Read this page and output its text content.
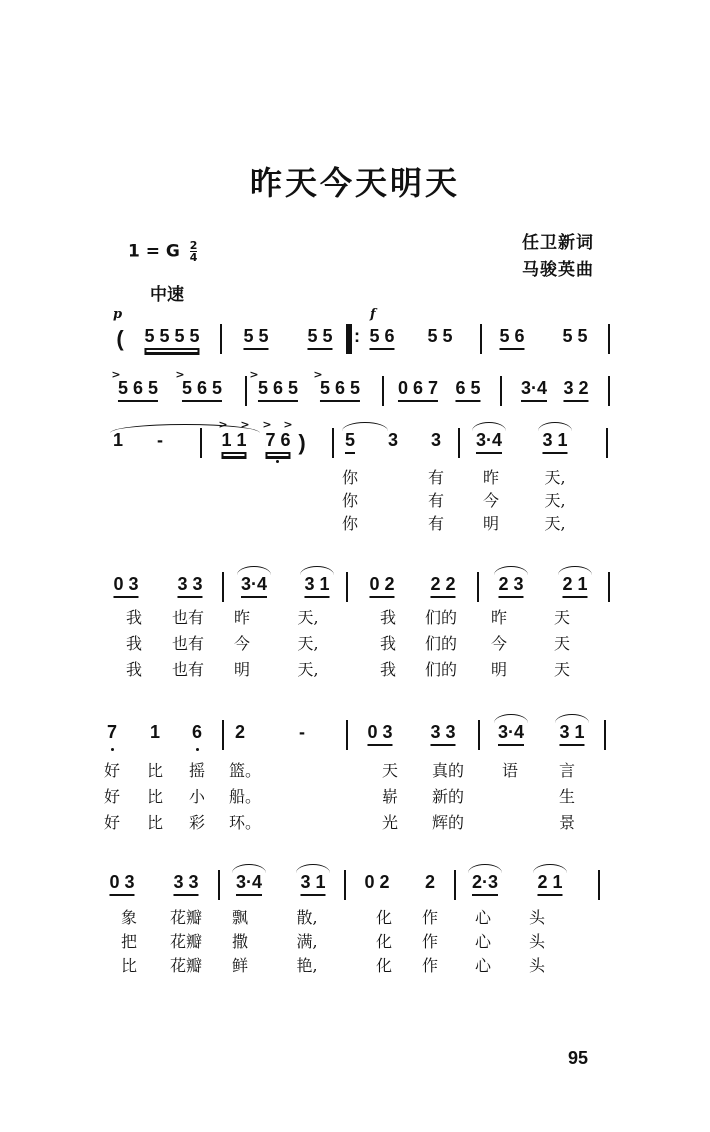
昨天今天明天
任卫新词
马骏英曲
1 = G $\frac{2}{4}$
中速
p	f
( 5 5 5 5 5 5 5 5 : 5 6 5 5	5 6 5 5
>	>	>	>
5 6 5 5 6 5 5 6 5 5 6 5 0 6 7 6 5 3·4 3 2
> > > >
1 -	1 1 7 6 ) 5 3 3 3·4 3 1
你	有 昨	天,
你	有 今	天,
你	有 明	天,
0 3 3 3 3·4 3 1 0 2 2 2 2 3 2 1
我 也有 昨	天,	我 们的 昨	天
我 也有 今	天,	我 们的 今	天
我 也有 明	天,	我 们的 明	天
7 1 6 2	-	0 3 3 3 3·4 3 1
好 比 摇 篮。	天 真的 语	言
好 比 小 船。	崭 新的	生
好 比 彩 环。	光 辉的	景
0 3 3 3 3·4 3 1 0 2 2 2·3 2 1
象 花瓣 飘	散,	化 作 心 头
把 花瓣 撒	满,	化 作 心 头
比 花瓣 鲜	艳,	化 作 心 头
95
